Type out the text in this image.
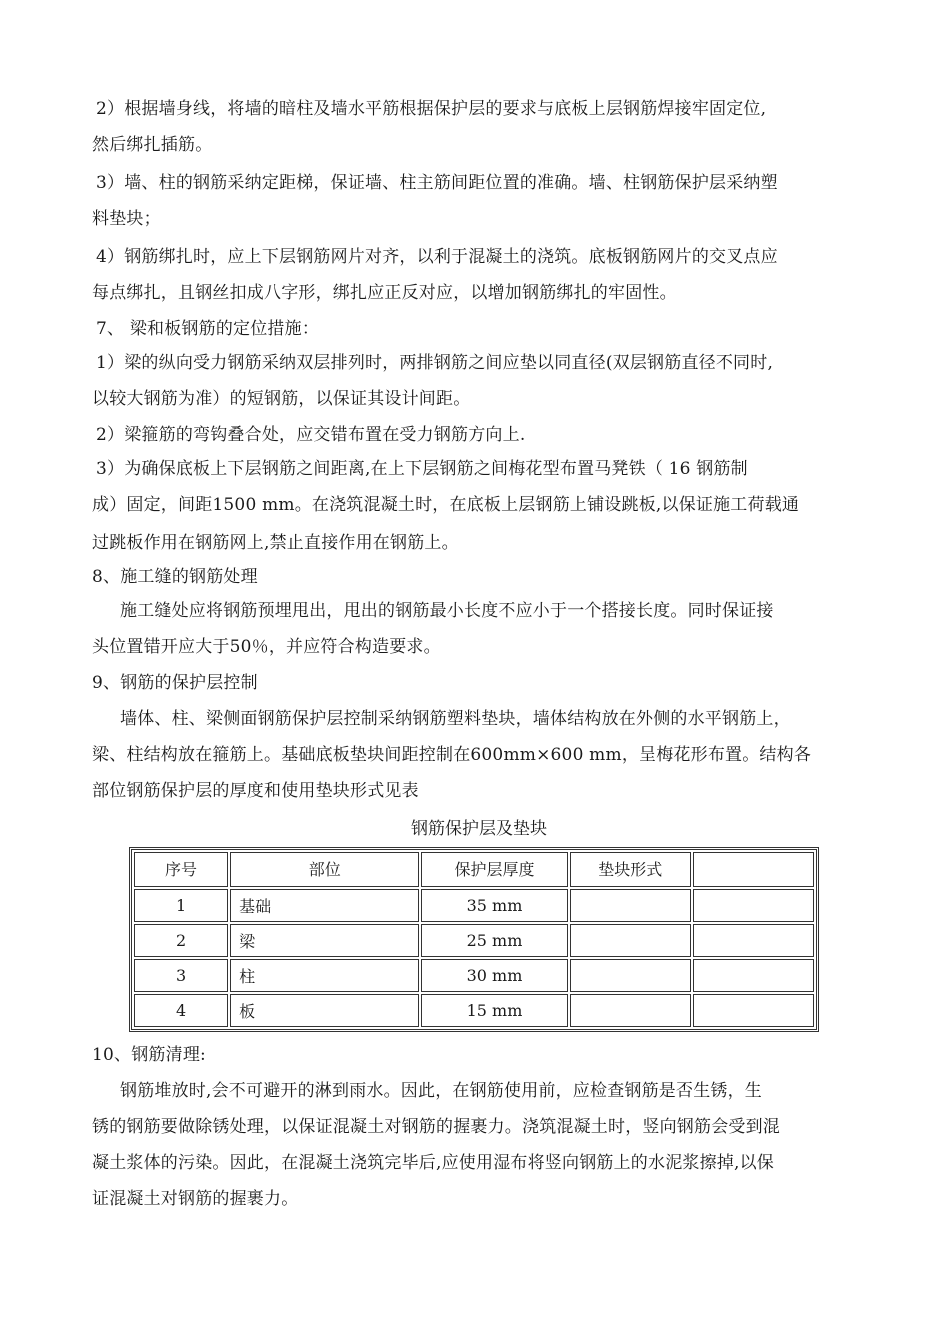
2）根据墙身线，将墙的暗柱及墙水平筋根据保护层的要求与底板上层钢筋焊接牢固定位,
然后绑扎插筋。
3）墙、柱的钢筋采纳定距梯，保证墙、柱主筋间距位置的准确。墙、柱钢筋保护层采纳塑
料垫块；
4）钢筋绑扎时，应上下层钢筋网片对齐，以利于混凝土的浇筑。底板钢筋网片的交叉点应
每点绑扎，且钢丝扣成八字形，绑扎应正反对应，以增加钢筋绑扎的牢固性。
7、 梁和板钢筋的定位措施：
1）梁的纵向受力钢筋采纳双层排列时，两排钢筋之间应垫以同直径(双层钢筋直径不同时,
以较大钢筋为准）的短钢筋，以保证其设计间距。
2）梁箍筋的弯钩叠合处，应交错布置在受力钢筋方向上.
3）为确保底板上下层钢筋之间距离,在上下层钢筋之间梅花型布置马凳铁（ 16 钢筋制
成）固定，间距1500 mm。在浇筑混凝土时，在底板上层钢筋上铺设跳板,以保证施工荷载通
过跳板作用在钢筋网上,禁止直接作用在钢筋上。
8、施工缝的钢筋处理
施工缝处应将钢筋预埋甩出，甩出的钢筋最小长度不应小于一个搭接长度。同时保证接
头位置错开应大于50％，并应符合构造要求。
9、钢筋的保护层控制
墙体、柱、梁侧面钢筋保护层控制采纳钢筋塑料垫块，墙体结构放在外侧的水平钢筋上，
梁、柱结构放在箍筋上。基础底板垫块间距控制在600mm×600 mm，呈梅花形布置。结构各
部位钢筋保护层的厚度和使用垫块形式见表
钢筋保护层及垫块
序号	部位	保护层厚度	垫块形式	
1	基础	35 mm		
2	梁	25 mm		
3	柱	30 mm		
4	板	15 mm		
10、钢筋清理:
钢筋堆放时,会不可避开的淋到雨水。因此，在钢筋使用前，应检查钢筋是否生锈，生
锈的钢筋要做除锈处理，以保证混凝土对钢筋的握裹力。浇筑混凝土时，竖向钢筋会受到混
凝土浆体的污染。因此，在混凝土浇筑完毕后,应使用湿布将竖向钢筋上的水泥浆擦掉,以保
证混凝土对钢筋的握裹力。
